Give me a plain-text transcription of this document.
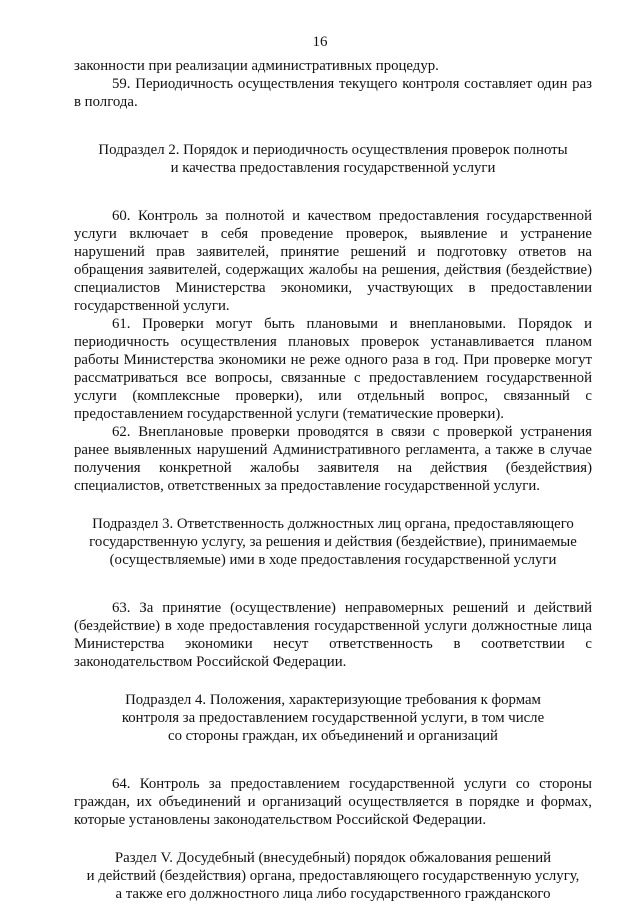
16

законности при реализации административных процедур.

59. Периодичность осуществления текущего контроля составляет один раз в полгода.

Подраздел 2. Порядок и периодичность осуществления проверок полноты
и качества предоставления государственной услуги

60. Контроль за полнотой и качеством предоставления государственной услуги включает в себя проведение проверок, выявление и устранение нарушений прав заявителей, принятие решений и подготовку ответов на обращения заявителей, содержащих жалобы на решения, действия (бездействие) специалистов Министерства экономики, участвующих в предоставлении государственной услуги.

61. Проверки могут быть плановыми и внеплановыми. Порядок и периодичность осуществления плановых проверок устанавливается планом работы Министерства экономики не реже одного раза в год. При проверке могут рассматриваться все вопросы, связанные с предоставлением государственной услуги (комплексные проверки), или отдельный вопрос, связанный с предоставлением государственной услуги (тематические проверки).

62. Внеплановые проверки проводятся в связи с проверкой устранения ранее выявленных нарушений Административного регламента, а также в случае получения конкретной жалобы заявителя на действия (бездействия) специалистов, ответственных за предоставление государственной услуги.

Подраздел 3. Ответственность должностных лиц органа, предоставляющего
государственную услугу, за решения и действия (бездействие), принимаемые
(осуществляемые) ими в ходе предоставления государственной услуги

63. За принятие (осуществление) неправомерных решений и действий (бездействие) в ходе предоставления государственной услуги должностные лица Министерства экономики несут ответственность в соответствии с законодательством Российской Федерации.

Подраздел 4. Положения, характеризующие требования к формам
контроля за предоставлением государственной услуги, в том числе
со стороны граждан, их объединений и организаций

64. Контроль за предоставлением государственной услуги со стороны граждан, их объединений и организаций осуществляется в порядке и формах, которые установлены законодательством Российской Федерации.

Раздел V. Досудебный (внесудебный) порядок обжалования решений
и действий (бездействия) органа, предоставляющего государственную услугу,
а также его должностного лица либо государственного гражданского
